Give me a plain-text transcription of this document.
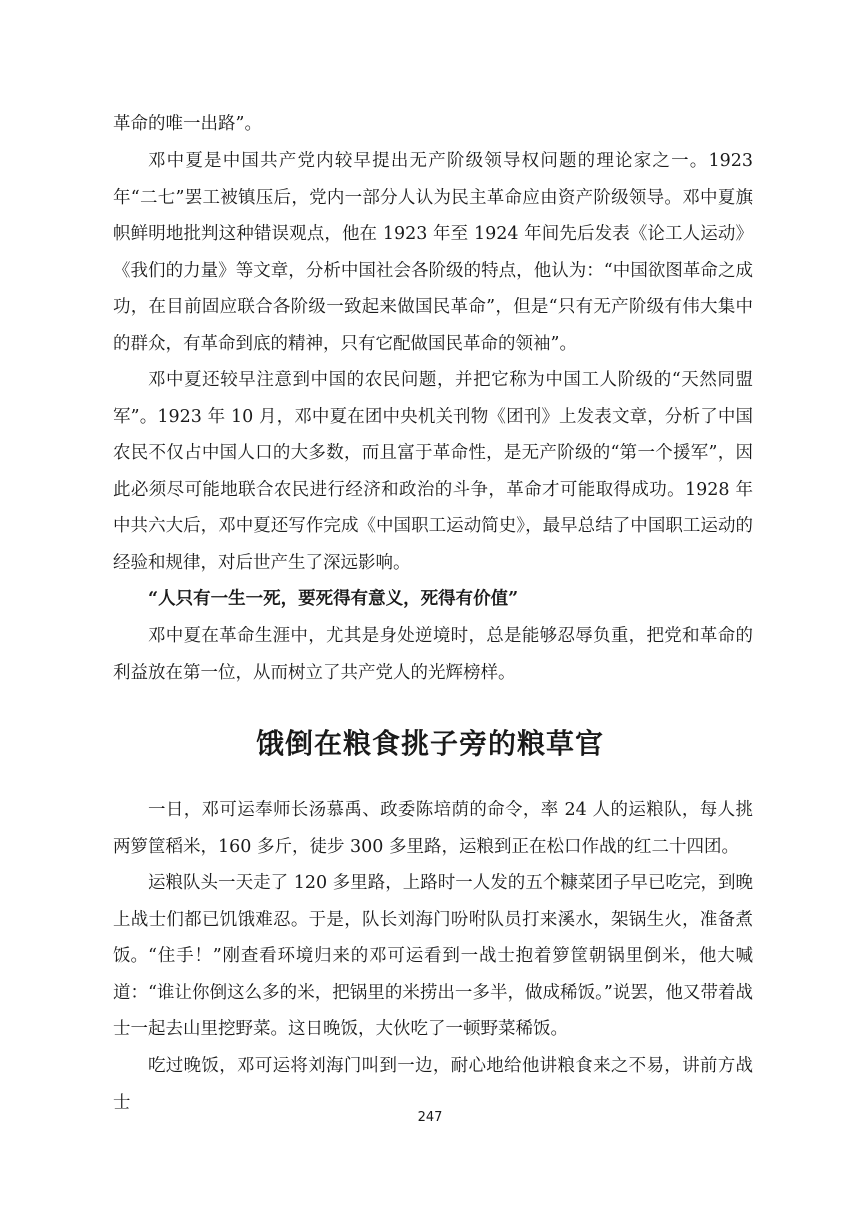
革命的唯一出路”。

邓中夏是中国共产党内较早提出无产阶级领导权问题的理论家之一。1923 年“二七”罢工被镇压后，党内一部分人认为民主革命应由资产阶级领导。邓中夏旗帜鲜明地批判这种错误观点，他在 1923 年至 1924 年间先后发表《论工人运动》《我们的力量》等文章，分析中国社会各阶级的特点，他认为：“中国欲图革命之成功，在目前固应联合各阶级一致起来做国民革命”，但是“只有无产阶级有伟大集中的群众，有革命到底的精神，只有它配做国民革命的领袖”。

邓中夏还较早注意到中国的农民问题，并把它称为中国工人阶级的“天然同盟军”。1923 年 10 月，邓中夏在团中央机关刊物《团刊》上发表文章，分析了中国农民不仅占中国人口的大多数，而且富于革命性，是无产阶级的“第一个援军”，因此必须尽可能地联合农民进行经济和政治的斗争，革命才可能取得成功。1928 年中共六大后，邓中夏还写作完成《中国职工运动简史》，最早总结了中国职工运动的经验和规律，对后世产生了深远影响。

“人只有一生一死，要死得有意义，死得有价值”

邓中夏在革命生涯中，尤其是身处逆境时，总是能够忍辱负重，把党和革命的利益放在第一位，从而树立了共产党人的光辉榜样。

饿倒在粮食挑子旁的粮草官

一日，邓可运奉师长汤慕禹、政委陈培荫的命令，率 24 人的运粮队，每人挑两箩筐稻米，160 多斤，徒步 300 多里路，运粮到正在松口作战的红二十四团。

运粮队头一天走了 120 多里路，上路时一人发的五个糠菜团子早已吃完，到晚上战士们都已饥饿难忍。于是，队长刘海门吩咐队员打来溪水，架锅生火，准备煮饭。 “住手！”刚查看环境归来的邓可运看到一战士抱着箩筐朝锅里倒米，他大喊道：“谁让你倒这么多的米，把锅里的米捞出一多半，做成稀饭。”说罢，他又带着战士一起去山里挖野菜。这日晚饭，大伙吃了一顿野菜稀饭。

吃过晚饭，邓可运将刘海门叫到一边，耐心地给他讲粮食来之不易，讲前方战士

247
